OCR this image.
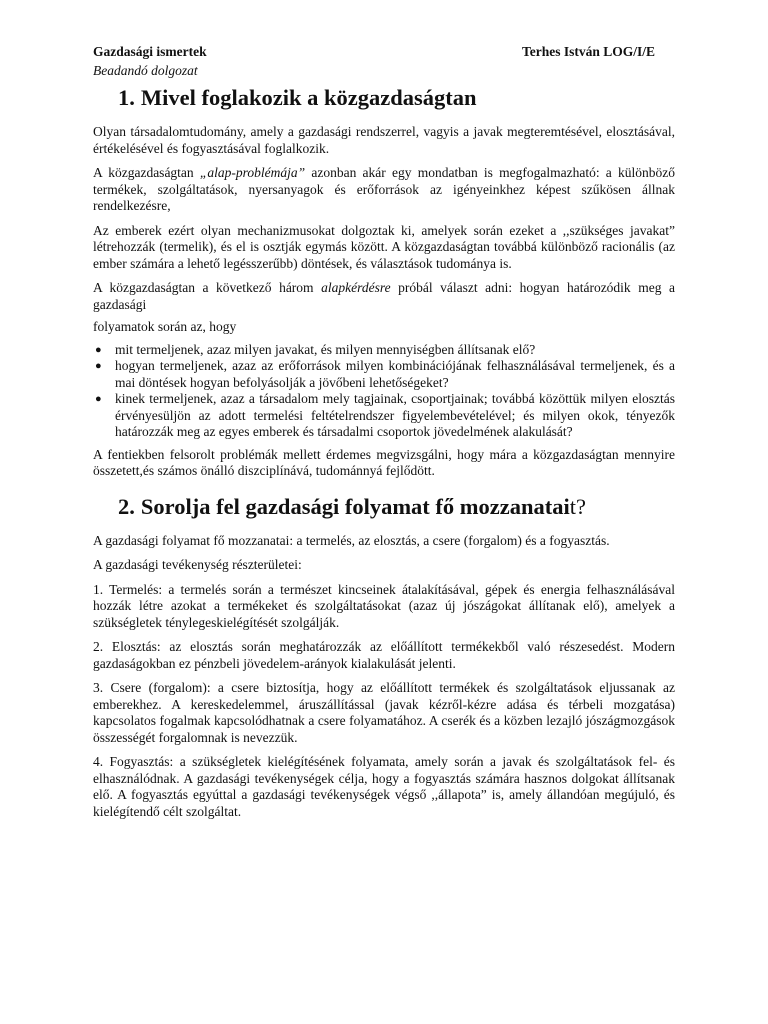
Gazdasági ismertek	Terhes István LOG/I/E
Beadandó dolgozat
1. Mivel foglakozik a közgazdaságtan

Olyan társadalomtudomány, amely a gazdasági rendszerrel, vagyis a javak megteremtésével, elosztásával, értékelésével és fogyasztásával foglalkozik.

A közgazdaságtan „alap-problémája” azonban akár egy mondatban is megfogalmazható: a különböző termékek, szolgáltatások, nyersanyagok és erőforrások az igényeinkhez képest szűkösen állnak rendelkezésre,

Az emberek ezért olyan mechanizmusokat dolgoztak ki, amelyek során ezeket a ,,szükséges javakat” létrehozzák (termelik), és el is osztják egymás között. A közgazdaságtan továbbá különböző racionális (az ember számára a lehető legésszerűbb) döntések, és választások tudománya is.

A közgazdaságtan a következő három alapkérdésre próbál választ adni: hogyan határozódik meg a gazdasági

folyamatok során az, hogy

● mit termeljenek, azaz milyen javakat, és milyen mennyiségben állítsanak elő?
● hogyan termeljenek, azaz az erőforrások milyen kombinációjának felhasználásával termeljenek, és a mai döntések hogyan befolyásolják a jövőbeni lehetőségeket?
● kinek termeljenek, azaz a társadalom mely tagjainak, csoportjainak; továbbá közöttük milyen elosztás érvényesüljön az adott termelési feltételrendszer figyelembevételével; és milyen okok, tényezők határozzák meg az egyes emberek és társadalmi csoportok jövedelmének alakulását?

A fentiekben felsorolt problémák mellett érdemes megvizsgálni, hogy mára a közgazdaságtan mennyire összetett,és számos önálló diszciplínává, tudománnyá fejlődött.

2. Sorolja fel gazdasági folyamat fő mozzanatait?

A gazdasági folyamat fő mozzanatai: a termelés, az elosztás, a csere (forgalom) és a fogyasztás.

A gazdasági tevékenység részterületei:

1. Termelés: a termelés során a természet kincseinek átalakításával, gépek és energia felhasználásával hozzák létre azokat a termékeket és szolgáltatásokat (azaz új jószágokat állítanak elő), amelyek a szükségletek ténylegeskielégítését szolgálják.

2. Elosztás: az elosztás során meghatározzák az előállított termékekből való részesedést. Modern gazdaságokban ez pénzbeli jövedelem-arányok kialakulását jelenti.

3. Csere (forgalom): a csere biztosítja, hogy az előállított termékek és szolgáltatások eljussanak az emberekhez. A kereskedelemmel, áruszállítással (javak kézről-kézre adása és térbeli mozgatása) kapcsolatos fogalmak kapcsolódhatnak a csere folyamatához. A cserék és a közben lezajló jószágmozgások összességét forgalomnak is nevezzük.

4. Fogyasztás: a szükségletek kielégítésének folyamata, amely során a javak és szolgáltatások fel- és elhasználódnak. A gazdasági tevékenységek célja, hogy a fogyasztás számára hasznos dolgokat állítsanak elő. A fogyasztás egyúttal a gazdasági tevékenységek végső ,,állapota” is, amely állandóan megújuló, és kielégítendő célt szolgáltat.
